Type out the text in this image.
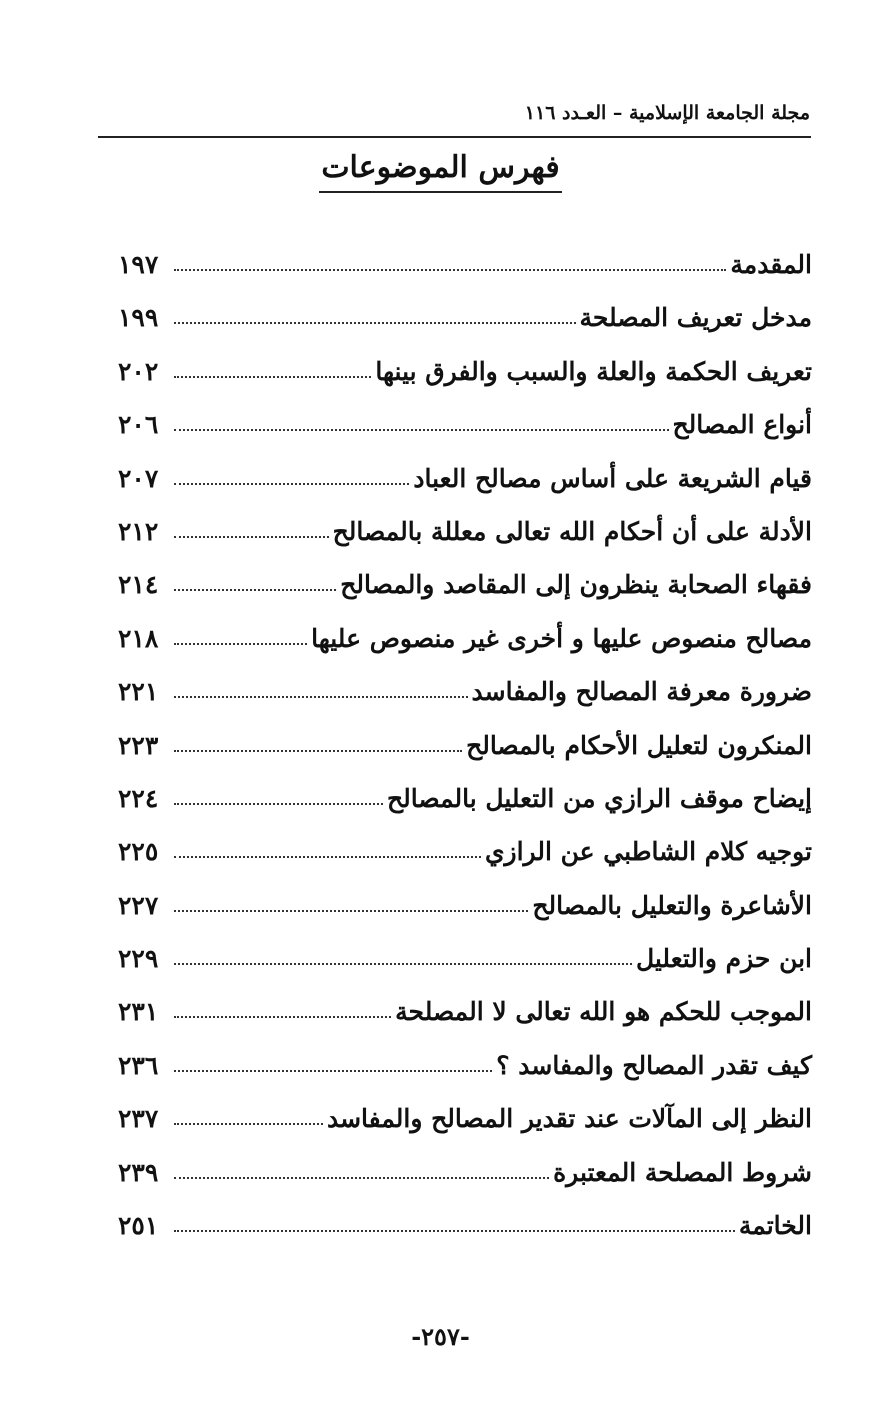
مجلة الجامعة الإسلامية – العـدد ١١٦
فهرس الموضوعات
المقدمة
١٩٧
مدخل تعريف المصلحة
١٩٩
تعريف الحكمة والعلة والسبب والفرق بينها
٢٠٢
أنواع المصالح
٢٠٦
قيام الشريعة على أساس مصالح العباد
٢٠٧
الأدلة على أن أحكام الله تعالى معللة بالمصالح
٢١٢
فقهاء الصحابة ينظرون إلى المقاصد والمصالح
٢١٤
مصالح منصوص عليها و أخرى غير منصوص عليها
٢١٨
ضرورة معرفة المصالح والمفاسد
٢٢١
المنكرون لتعليل الأحكام بالمصالح
٢٢٣
إيضاح موقف الرازي من التعليل بالمصالح
٢٢٤
توجيه كلام الشاطبي عن الرازي
٢٢٥
الأشاعرة والتعليل بالمصالح
٢٢٧
ابن حزم والتعليل
٢٢٩
الموجب للحكم هو الله تعالى لا المصلحة
٢٣١
كيف تقدر المصالح والمفاسد ؟
٢٣٦
النظر إلى المآلات عند تقدير المصالح والمفاسد
٢٣٧
شروط المصلحة المعتبرة
٢٣٩
الخاتمة
٢٥١
-٢٥٧-
